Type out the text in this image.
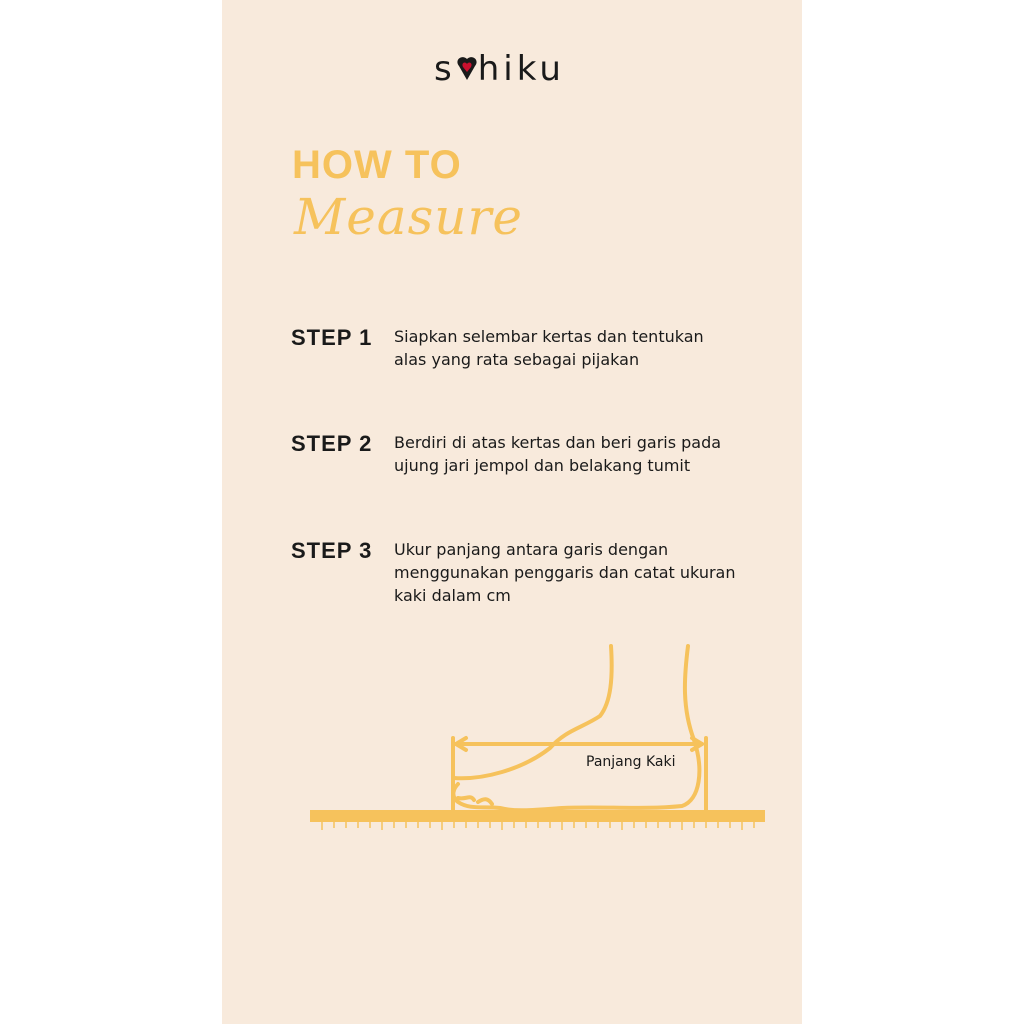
s hiku
HOW TO
Measure
STEP 1 Siapkan selembar kertas dan tentukan
alas yang rata sebagai pijakan
STEP 2 Berdiri di atas kertas dan beri garis pada
ujung jari jempol dan belakang tumit
STEP 3 Ukur panjang antara garis dengan
menggunakan penggaris dan catat ukuran
kaki dalam cm
Panjang Kaki
